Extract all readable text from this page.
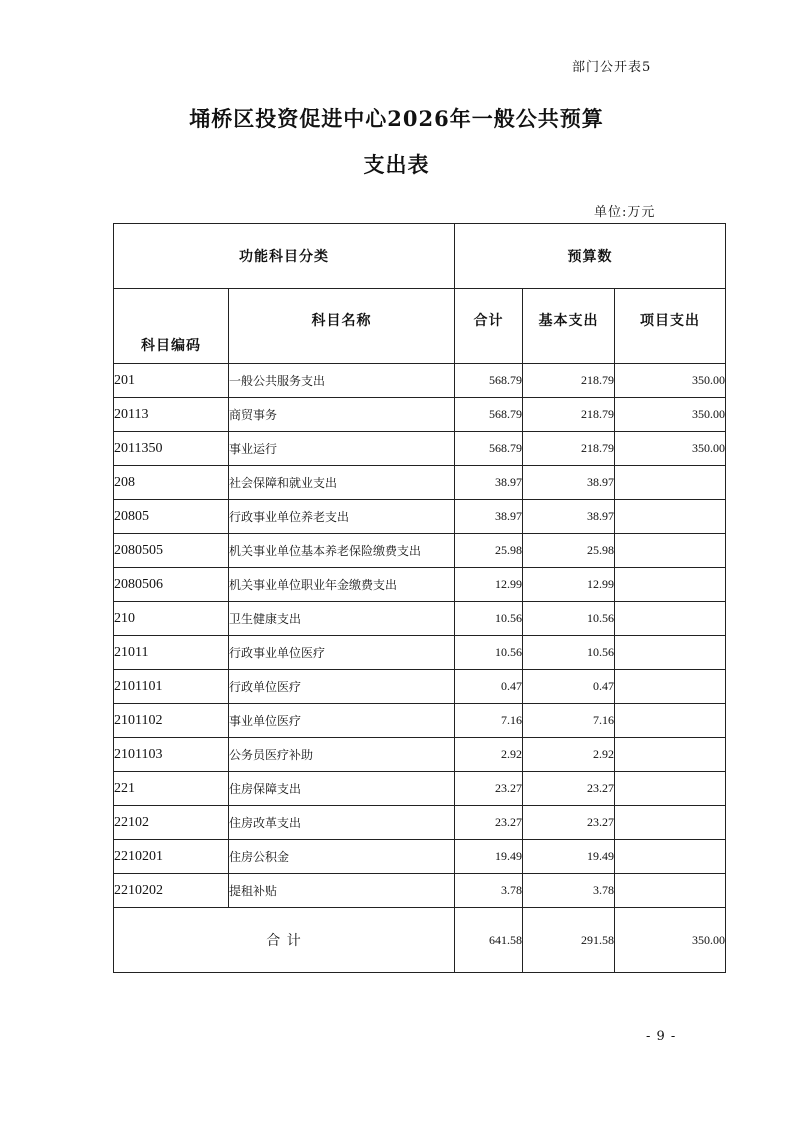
部门公开表5
埇桥区投资促进中心2026年一般公共预算
支出表
单位:万元
功能科目分类		预算数		
科目编码	科目名称	合计	基本支出	项目支出
201	一般公共服务支出	568.79	218.79	350.00
20113	商贸事务	568.79	218.79	350.00
2011350	事业运行	568.79	218.79	350.00
208	社会保障和就业支出	38.97	38.97	
20805	行政事业单位养老支出	38.97	38.97	
2080505	机关事业单位基本养老保险缴费支出	25.98	25.98	
2080506	机关事业单位职业年金缴费支出	12.99	12.99	
210	卫生健康支出	10.56	10.56	
21011	行政事业单位医疗	10.56	10.56	
2101101	行政单位医疗	0.47	0.47	
2101102	事业单位医疗	7.16	7.16	
2101103	公务员医疗补助	2.92	2.92	
221	住房保障支出	23.27	23.27	
22102	住房改革支出	23.27	23.27	
2210201	住房公积金	19.49	19.49	
2210202	提租补贴	3.78	3.78	
合 计		641.58	291.58	350.00
- 9 -
